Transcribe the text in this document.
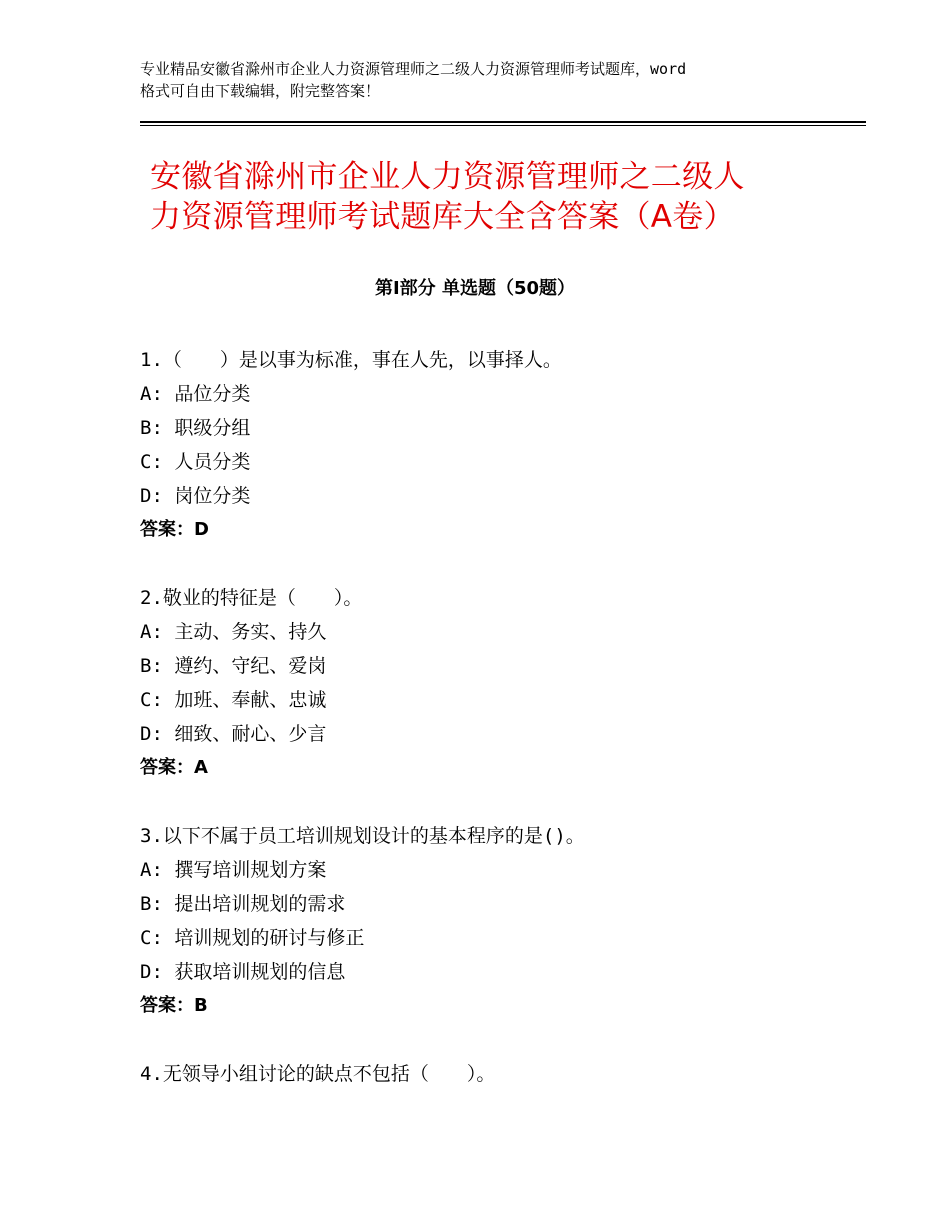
专业精品安徽省滁州市企业人力资源管理师之二级人力资源管理师考试题库，word
格式可自由下载编辑，附完整答案！
安徽省滁州市企业人力资源管理师之二级人
力资源管理师考试题库大全含答案（A卷）
第Ⅰ部分 单选题（50题）
1.（　　）是以事为标准，事在人先，以事择人。
A: 品位分类
B: 职级分组
C: 人员分类
D: 岗位分类
答案：D
2.敬业的特征是（　　）。
A: 主动、务实、持久
B: 遵约、守纪、爱岗
C: 加班、奉献、忠诚
D: 细致、耐心、少言
答案：A
3.以下不属于员工培训规划设计的基本程序的是()。
A: 撰写培训规划方案
B: 提出培训规划的需求
C: 培训规划的研讨与修正
D: 获取培训规划的信息
答案：B
4.无领导小组讨论的缺点不包括（　　）。
